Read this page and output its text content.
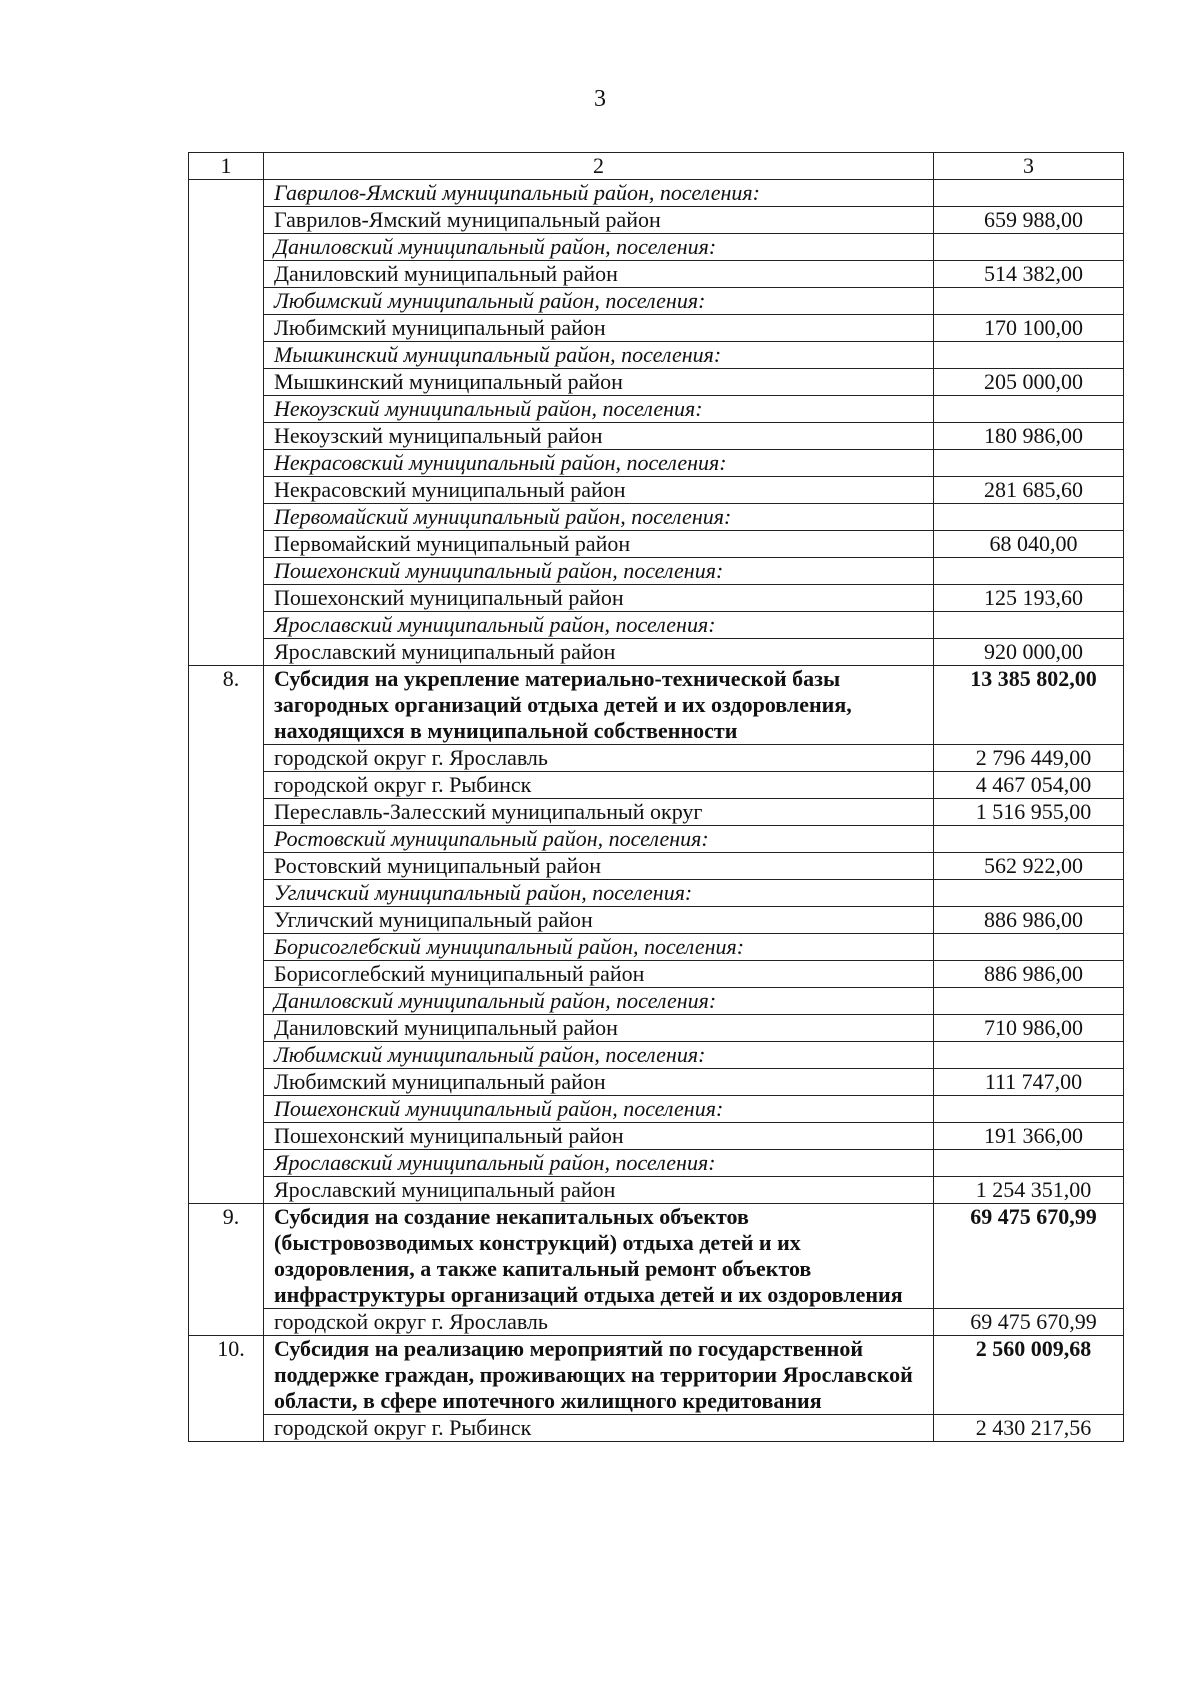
3
1	2	3
	Гаврилов-Ямский муниципальный район, поселения:	
	Гаврилов-Ямский муниципальный район	659 988,00
	Даниловский муниципальный район, поселения:	
	Даниловский муниципальный район	514 382,00
	Любимский муниципальный район, поселения:	
	Любимский муниципальный район	170 100,00
	Мышкинский муниципальный район, поселения:	
	Мышкинский муниципальный район	205 000,00
	Некоузский муниципальный район, поселения:	
	Некоузский муниципальный район	180 986,00
	Некрасовский муниципальный район, поселения:	
	Некрасовский муниципальный район	281 685,60
	Первомайский муниципальный район, поселения:	
	Первомайский муниципальный район	68 040,00
	Пошехонский муниципальный район, поселения:	
	Пошехонский муниципальный район	125 193,60
	Ярославский муниципальный район, поселения:	
	Ярославский муниципальный район	920 000,00
8.	Субсидия на укрепление материально-технической базы загородных организаций отдыха детей и их оздоровления, находящихся в муниципальной собственности	13 385 802,00
	городской округ г. Ярославль	2 796 449,00
	городской округ г. Рыбинск	4 467 054,00
	Переславль-Залесский муниципальный округ	1 516 955,00
	Ростовский муниципальный район, поселения:	
	Ростовский муниципальный район	562 922,00
	Угличский муниципальный район, поселения:	
	Угличский муниципальный район	886 986,00
	Борисоглебский муниципальный район, поселения:	
	Борисоглебский муниципальный район	886 986,00
	Даниловский муниципальный район, поселения:	
	Даниловский муниципальный район	710 986,00
	Любимский муниципальный район, поселения:	
	Любимский муниципальный район	111 747,00
	Пошехонский муниципальный район, поселения:	
	Пошехонский муниципальный район	191 366,00
	Ярославский муниципальный район, поселения:	
	Ярославский муниципальный район	1 254 351,00
9.	Субсидия на создание некапитальных объектов (быстровозводимых конструкций) отдыха детей и их оздоровления, а также капитальный ремонт объектов инфраструктуры организаций отдыха детей и их оздоровления	69 475 670,99
	городской округ г. Ярославль	69 475 670,99
10.	Субсидия на реализацию мероприятий по государственной поддержке граждан, проживающих на территории Ярославской области, в сфере ипотечного жилищного кредитования	2 560 009,68
	городской округ г. Рыбинск	2 430 217,56
